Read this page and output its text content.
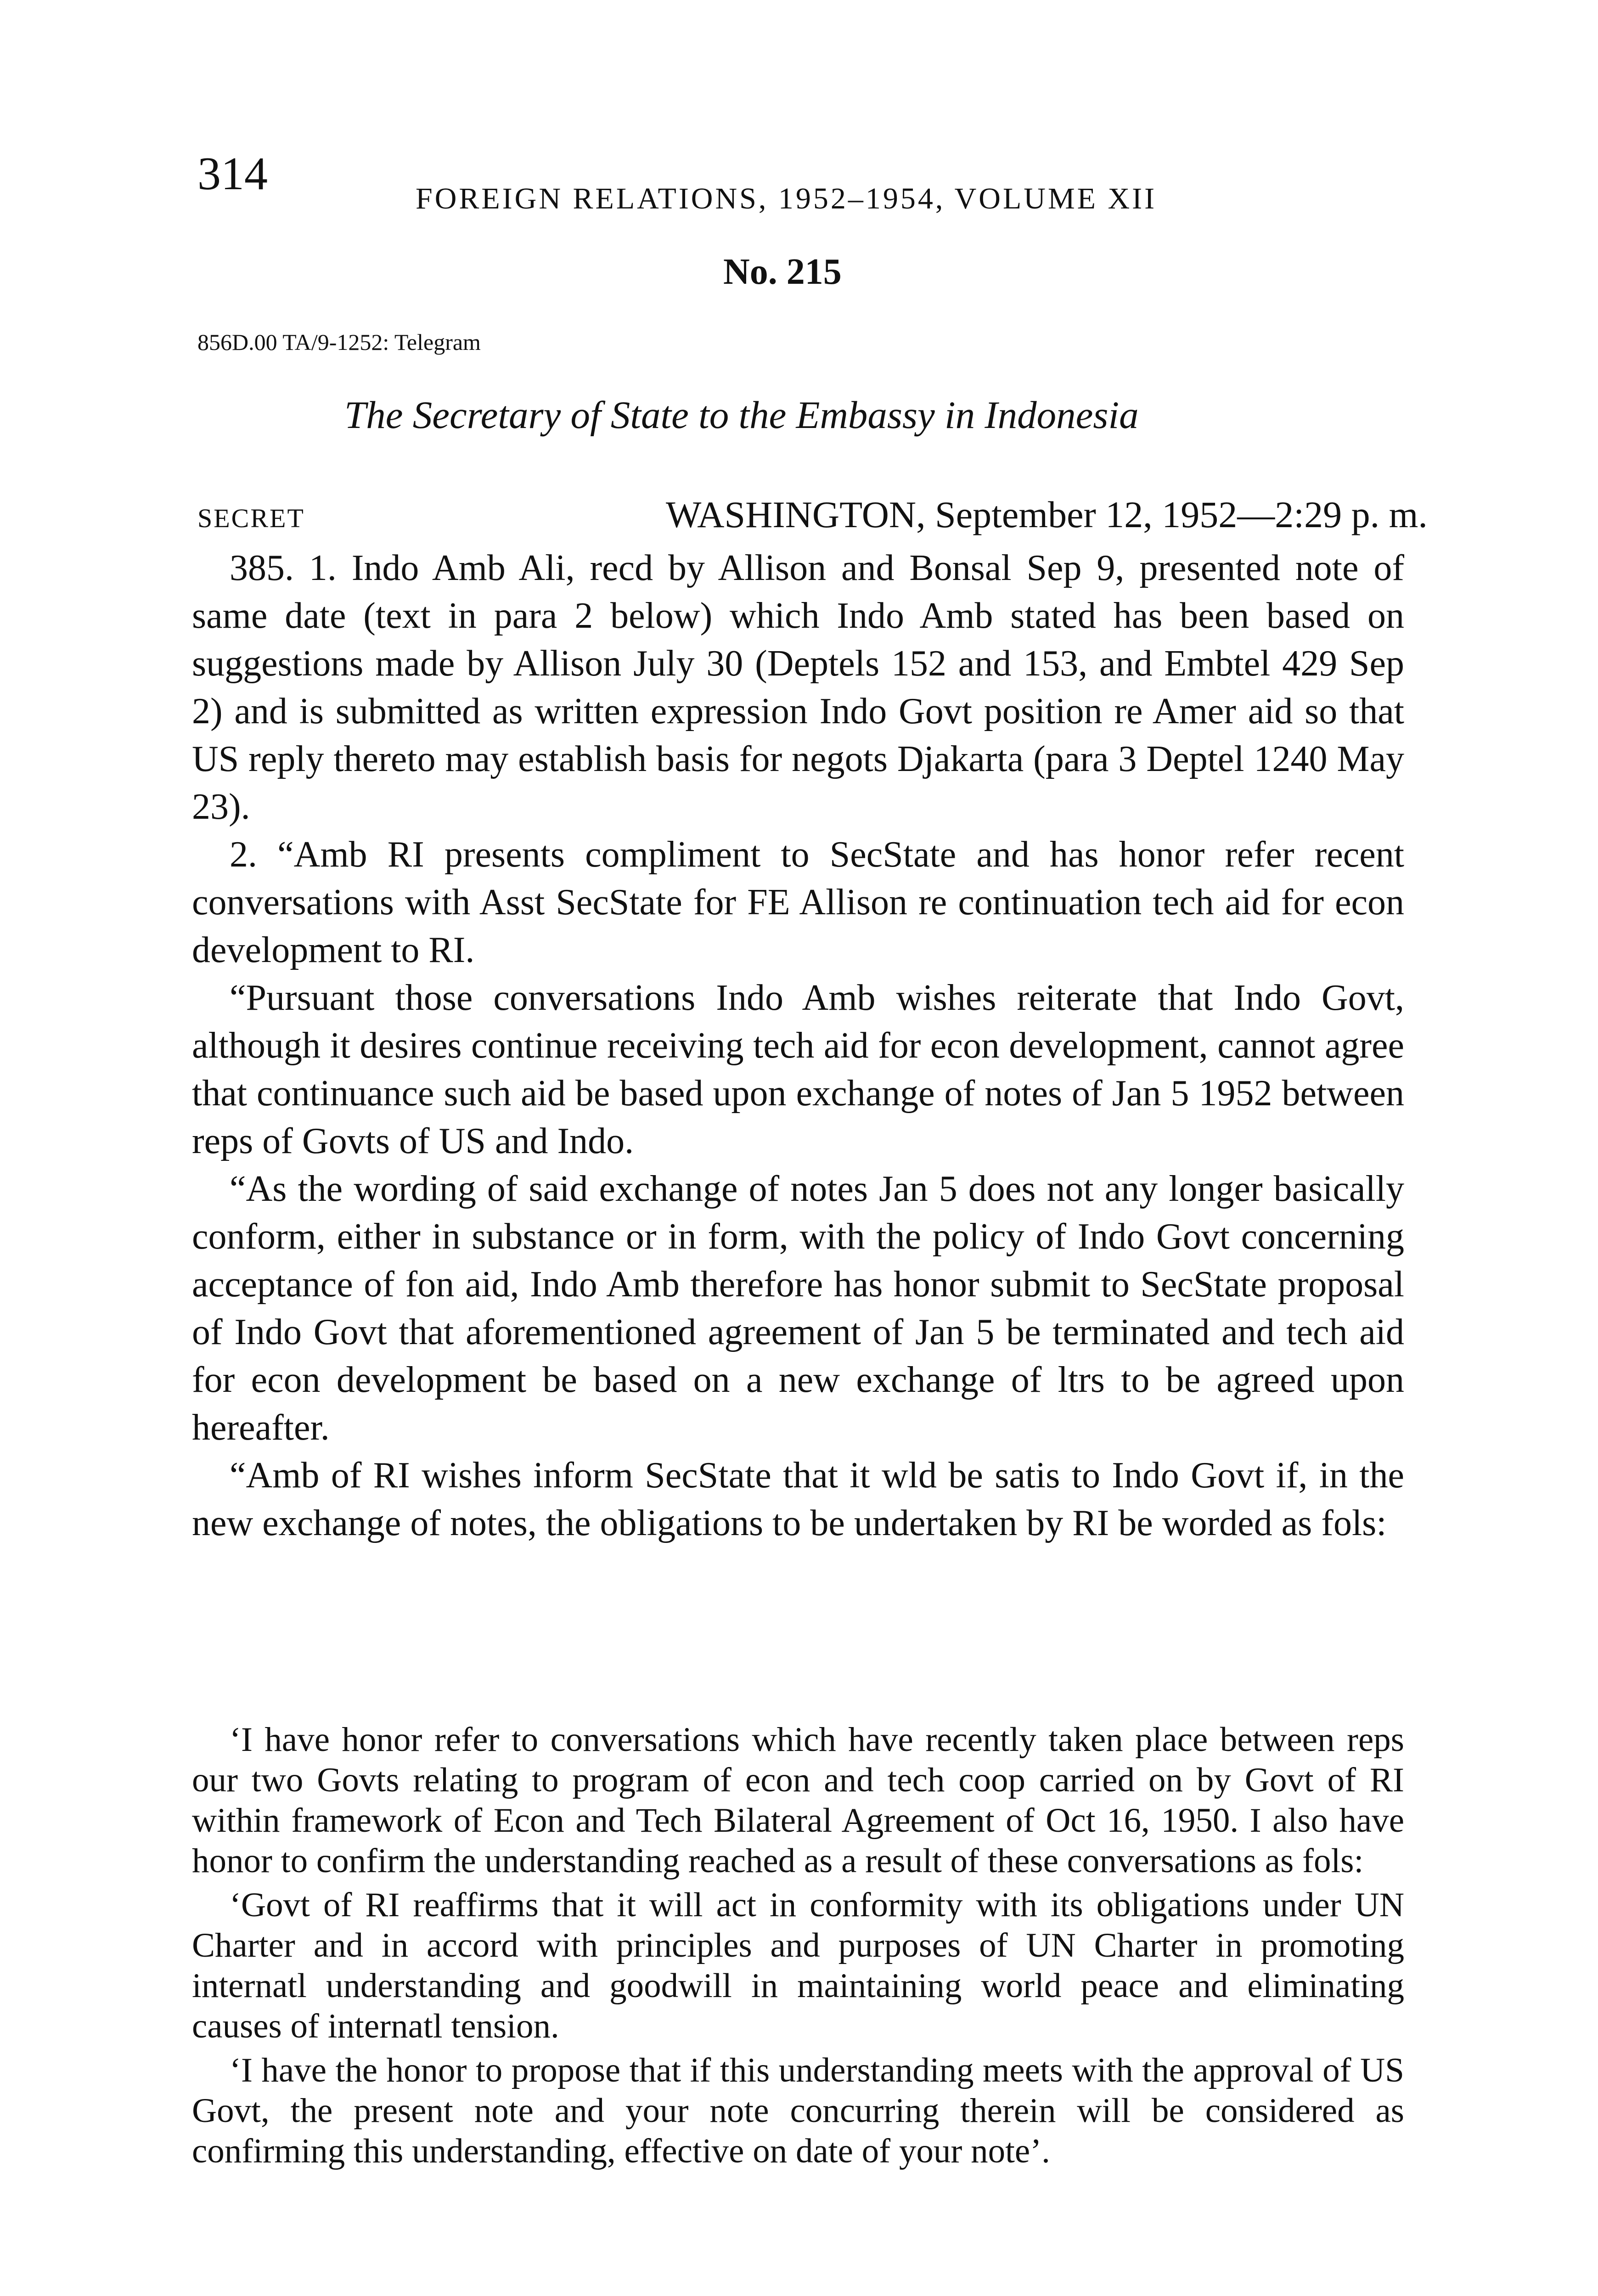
314	FOREIGN RELATIONS, 1952–1954, VOLUME XII
No. 215
856D.00 TA/9-1252: Telegram
The Secretary of State to the Embassy in Indonesia
SECRET	WASHINGTON, September 12, 1952—2:29 p. m.

385. 1. Indo Amb Ali, recd by Allison and Bonsal Sep 9, presented note of same date (text in para 2 below) which Indo Amb stated has been based on suggestions made by Allison July 30 (Deptels 152 and 153, and Embtel 429 Sep 2) and is submitted as written expression Indo Govt position re Amer aid so that US reply thereto may establish basis for negots Djakarta (para 3 Deptel 1240 May 23).

2. “Amb RI presents compliment to SecState and has honor refer recent conversations with Asst SecState for FE Allison re continuation tech aid for econ development to RI.

“Pursuant those conversations Indo Amb wishes reiterate that Indo Govt, although it desires continue receiving tech aid for econ development, cannot agree that continuance such aid be based upon exchange of notes of Jan 5 1952 between reps of Govts of US and Indo.

“As the wording of said exchange of notes Jan 5 does not any longer basically conform, either in substance or in form, with the policy of Indo Govt concerning acceptance of fon aid, Indo Amb therefore has honor submit to SecState proposal of Indo Govt that aforementioned agreement of Jan 5 be terminated and tech aid for econ development be based on a new exchange of ltrs to be agreed upon hereafter.

“Amb of RI wishes inform SecState that it wld be satis to Indo Govt if, in the new exchange of notes, the obligations to be undertaken by RI be worded as fols:

‘I have honor refer to conversations which have recently taken place between reps our two Govts relating to program of econ and tech coop carried on by Govt of RI within framework of Econ and Tech Bilateral Agreement of Oct 16, 1950. I also have honor to confirm the understanding reached as a result of these conversations as fols:

‘Govt of RI reaffirms that it will act in conformity with its obligations under UN Charter and in accord with principles and purposes of UN Charter in promoting internatl understanding and goodwill in maintaining world peace and eliminating causes of internatl tension.

‘I have the honor to propose that if this understanding meets with the approval of US Govt, the present note and your note concurring therein will be considered as confirming this understanding, effective on date of your note’.
